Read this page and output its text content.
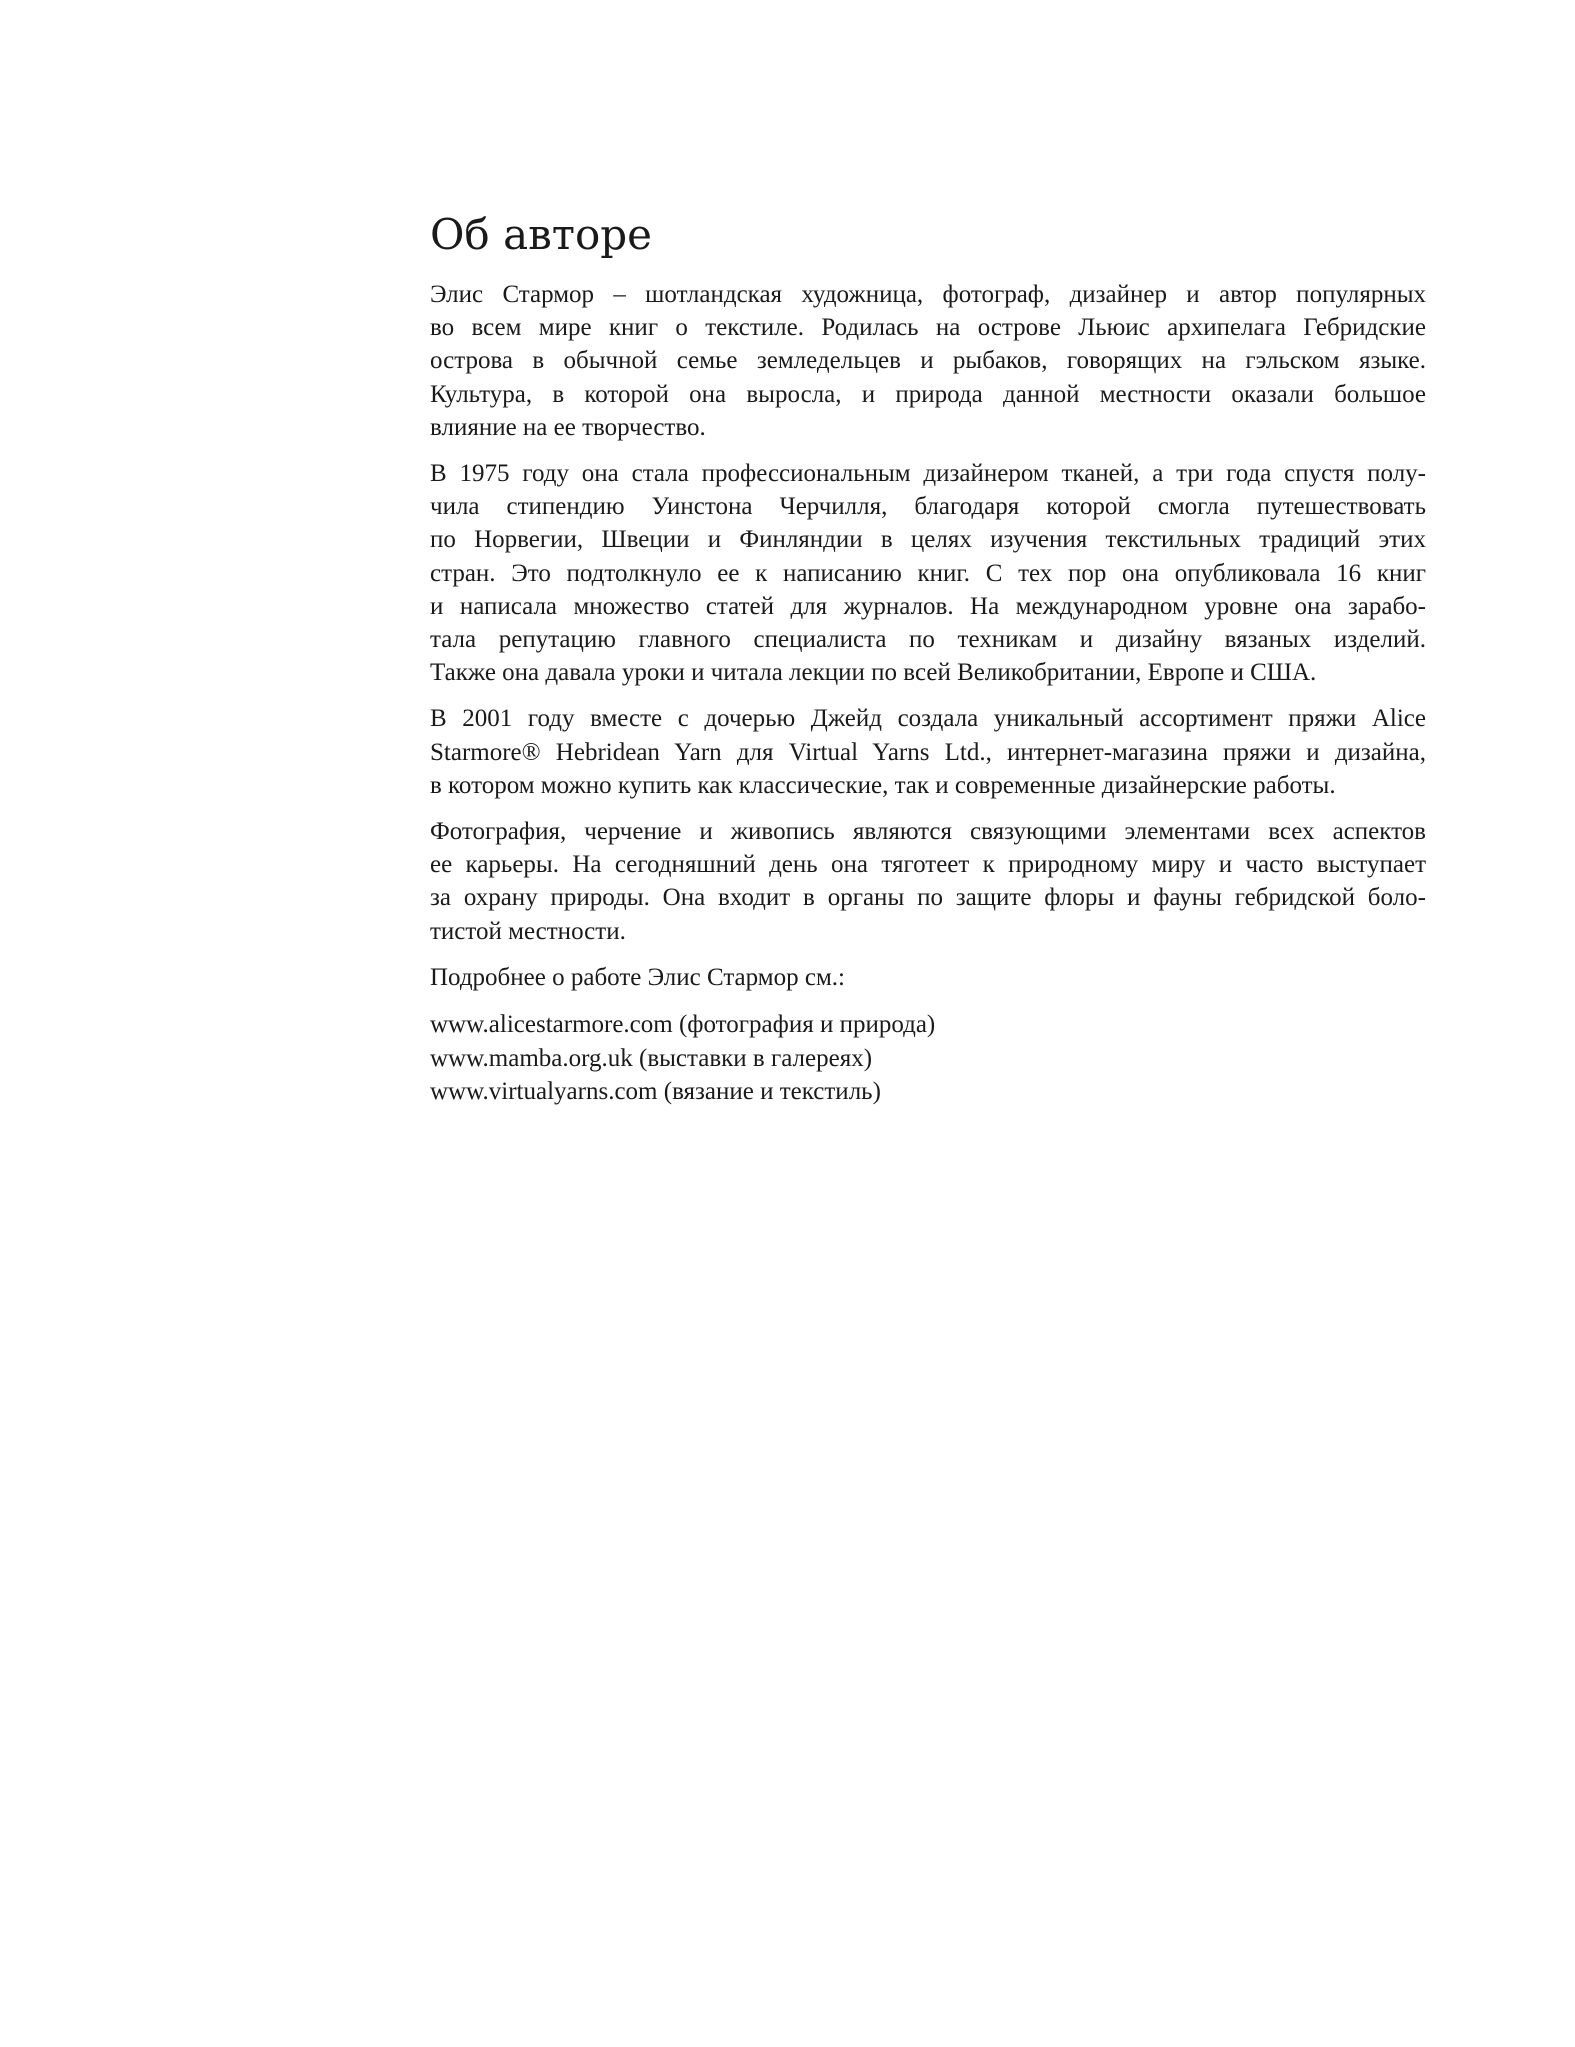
Об авторе
Элис Стармор – шотландская художница, фотограф, дизайнер и автор популярных
во всем мире книг о текстиле. Родилась на острове Льюис архипелага Гебридские
острова в обычной семье земледельцев и рыбаков, говорящих на гэльском языке.
Культура, в которой она выросла, и природа данной местности оказали большое
влияние на ее творчество.
В 1975 году она стала профессиональным дизайнером тканей, а три года спустя полу-
чила стипендию Уинстона Черчилля, благодаря которой смогла путешествовать
по Норвегии, Швеции и Финляндии в целях изучения текстильных традиций этих
стран. Это подтолкнуло ее к написанию книг. С тех пор она опубликовала 16 книг
и написала множество статей для журналов. На международном уровне она зарабо-
тала репутацию главного специалиста по техникам и дизайну вязаных изделий.
Также она давала уроки и читала лекции по всей Великобритании, Европе и США.
В 2001 году вместе с дочерью Джейд создала уникальный ассортимент пряжи Alice
Starmore® Hebridean Yarn для Virtual Yarns Ltd., интернет-магазина пряжи и дизайна,
в котором можно купить как классические, так и современные дизайнерские работы.
Фотография, черчение и живопись являются связующими элементами всех аспектов
ее карьеры. На сегодняшний день она тяготеет к природному миру и часто выступает
за охрану природы. Она входит в органы по защите флоры и фауны гебридской боло-
тистой местности.

Подробнее о работе Элис Стармор см.:

www.alicestarmore.com (фотография и природа)
www.mamba.org.uk (выставки в галереях)
www.virtualyarns.com (вязание и текстиль)
